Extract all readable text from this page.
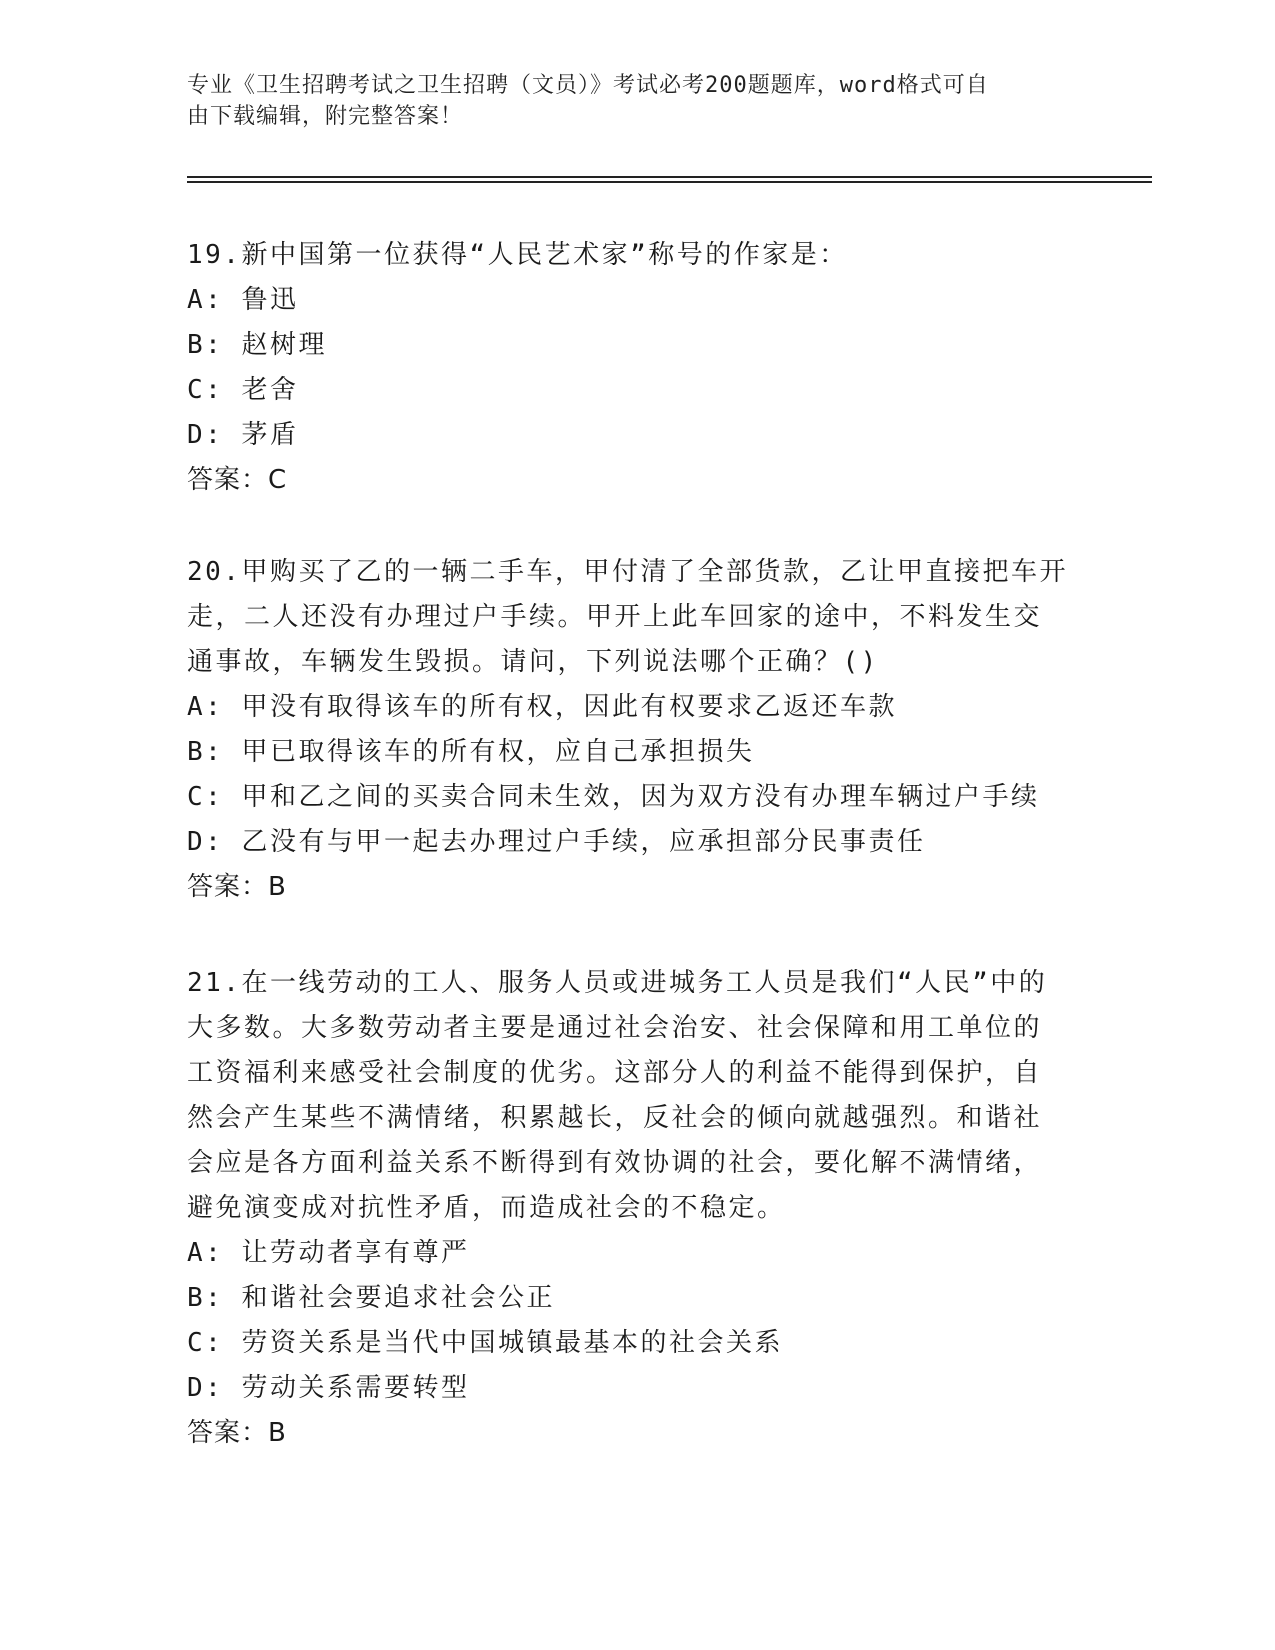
专业《卫生招聘考试之卫生招聘（文员）》考试必考200题题库，word格式可自
由下载编辑，附完整答案！
19.新中国第一位获得“人民艺术家”称号的作家是：
A: 鲁迅
B: 赵树理
C: 老舍
D: 茅盾
答案：C
20.甲购买了乙的一辆二手车，甲付清了全部货款，乙让甲直接把车开
走，二人还没有办理过户手续。甲开上此车回家的途中，不料发生交
通事故，车辆发生毁损。请问，下列说法哪个正确？()
A: 甲没有取得该车的所有权，因此有权要求乙返还车款
B: 甲已取得该车的所有权，应自己承担损失
C: 甲和乙之间的买卖合同未生效，因为双方没有办理车辆过户手续
D: 乙没有与甲一起去办理过户手续，应承担部分民事责任
答案：B
21.在一线劳动的工人、服务人员或进城务工人员是我们“人民”中的
大多数。大多数劳动者主要是通过社会治安、社会保障和用工单位的
工资福利来感受社会制度的优劣。这部分人的利益不能得到保护，自
然会产生某些不满情绪，积累越长，反社会的倾向就越强烈。和谐社
会应是各方面利益关系不断得到有效协调的社会，要化解不满情绪，
避免演变成对抗性矛盾，而造成社会的不稳定。
A: 让劳动者享有尊严
B: 和谐社会要追求社会公正
C: 劳资关系是当代中国城镇最基本的社会关系
D: 劳动关系需要转型
答案：B
